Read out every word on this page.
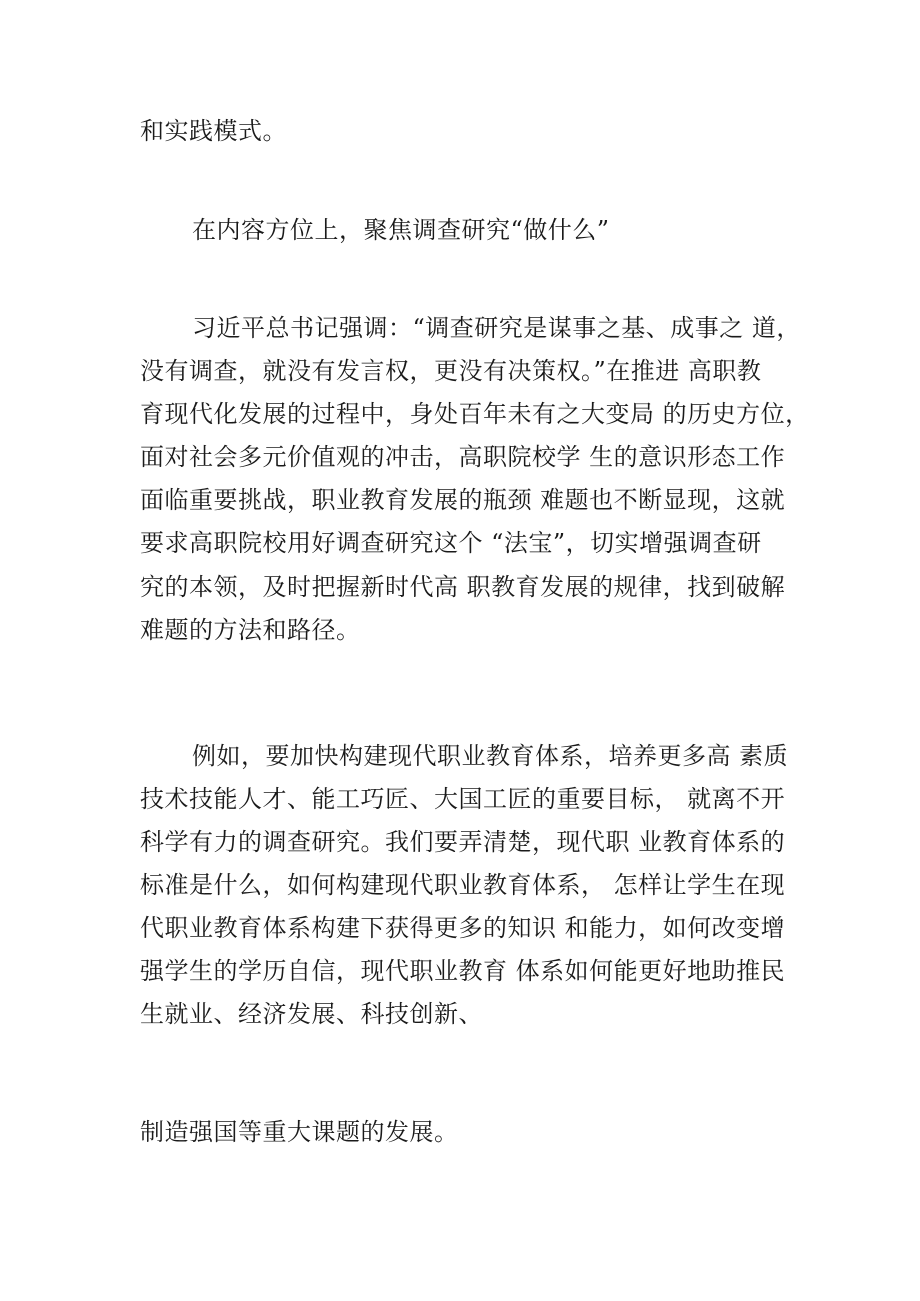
和实践模式。
在内容方位上，聚焦调查研究“做什么”
习近平总书记强调：“调查研究是谋事之基、成事之 道，
没有调查，就没有发言权，更没有决策权。”在推进 高职教
育现代化发展的过程中，身处百年未有之大变局 的历史方位，
面对社会多元价值观的冲击，高职院校学 生的意识形态工作
面临重要挑战，职业教育发展的瓶颈 难题也不断显现，这就
要求高职院校用好调查研究这个 “法宝”，切实增强调查研
究的本领，及时把握新时代高 职教育发展的规律，找到破解
难题的方法和路径。
例如，要加快构建现代职业教育体系，培养更多高 素质
技术技能人才、能工巧匠、大国工匠的重要目标， 就离不开
科学有力的调查研究。我们要弄清楚，现代职 业教育体系的
标准是什么，如何构建现代职业教育体系， 怎样让学生在现
代职业教育体系构建下获得更多的知识 和能力，如何改变增
强学生的学历自信，现代职业教育 体系如何能更好地助推民
生就业、经济发展、科技创新、
制造强国等重大课题的发展。
